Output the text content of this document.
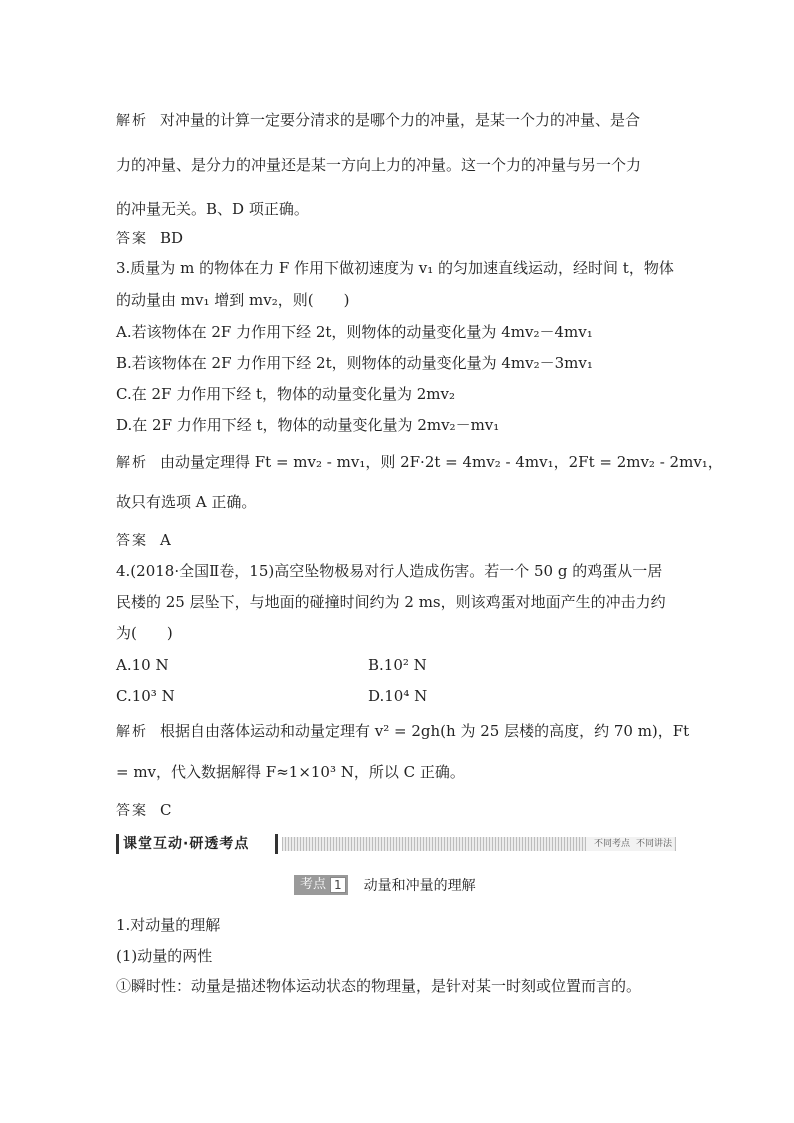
解析 对冲量的计算一定要分清求的是哪个力的冲量，是某一个力的冲量、是合
力的冲量、是分力的冲量还是某一方向上力的冲量。这一个力的冲量与另一个力
的冲量无关。B、D 项正确。
答案 BD
3.质量为 m 的物体在力 F 作用下做初速度为 v₁ 的匀加速直线运动，经时间 t，物体
的动量由 mv₁ 增到 mv₂，则(　　)
A.若该物体在 2F 力作用下经 2t，则物体的动量变化量为 4mv₂－4mv₁
B.若该物体在 2F 力作用下经 2t，则物体的动量变化量为 4mv₂－3mv₁
C.在 2F 力作用下经 t，物体的动量变化量为 2mv₂
D.在 2F 力作用下经 t，物体的动量变化量为 2mv₂－mv₁
解析 由动量定理得 Ft = mv₂ - mv₁，则 2F·2t = 4mv₂ - 4mv₁，2Ft = 2mv₂ - 2mv₁，
故只有选项 A 正确。
答案 A
4.(2018·全国Ⅱ卷，15)高空坠物极易对行人造成伤害。若一个 50 g 的鸡蛋从一居
民楼的 25 层坠下，与地面的碰撞时间约为 2 ms，则该鸡蛋对地面产生的冲击力约
为(　　)
A.10 N	B.10² N
C.10³ N	D.10⁴ N
解析 根据自由落体运动和动量定理有 v² = 2gh(h 为 25 层楼的高度，约 70 m)，Ft
= mv，代入数据解得 F≈1×10³ N，所以 C 正确。
答案 C
课堂互动·研透考点	不同考点 不同讲法
考点 1 动量和冲量的理解
1.对动量的理解
(1)动量的两性
①瞬时性：动量是描述物体运动状态的物理量，是针对某一时刻或位置而言的。
